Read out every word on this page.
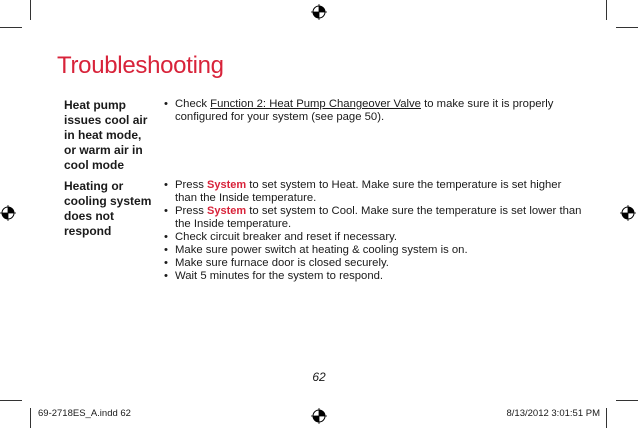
Troubleshooting
Heat pump issues cool air in heat mode, or warm air in cool mode
• Check Function 2: Heat Pump Changeover Valve to make sure it is properly configured for your system (see page 50).
Heating or cooling system does not respond
• Press System to set system to Heat. Make sure the temperature is set higher than the Inside temperature.
• Press System to set system to Cool. Make sure the temperature is set lower than the Inside temperature.
• Check circuit breaker and reset if necessary.
• Make sure power switch at heating & cooling system is on.
• Make sure furnace door is closed securely.
• Wait 5 minutes for the system to respond.
62
69-2718ES_A.indd 62	8/13/2012 3:01:51 PM
